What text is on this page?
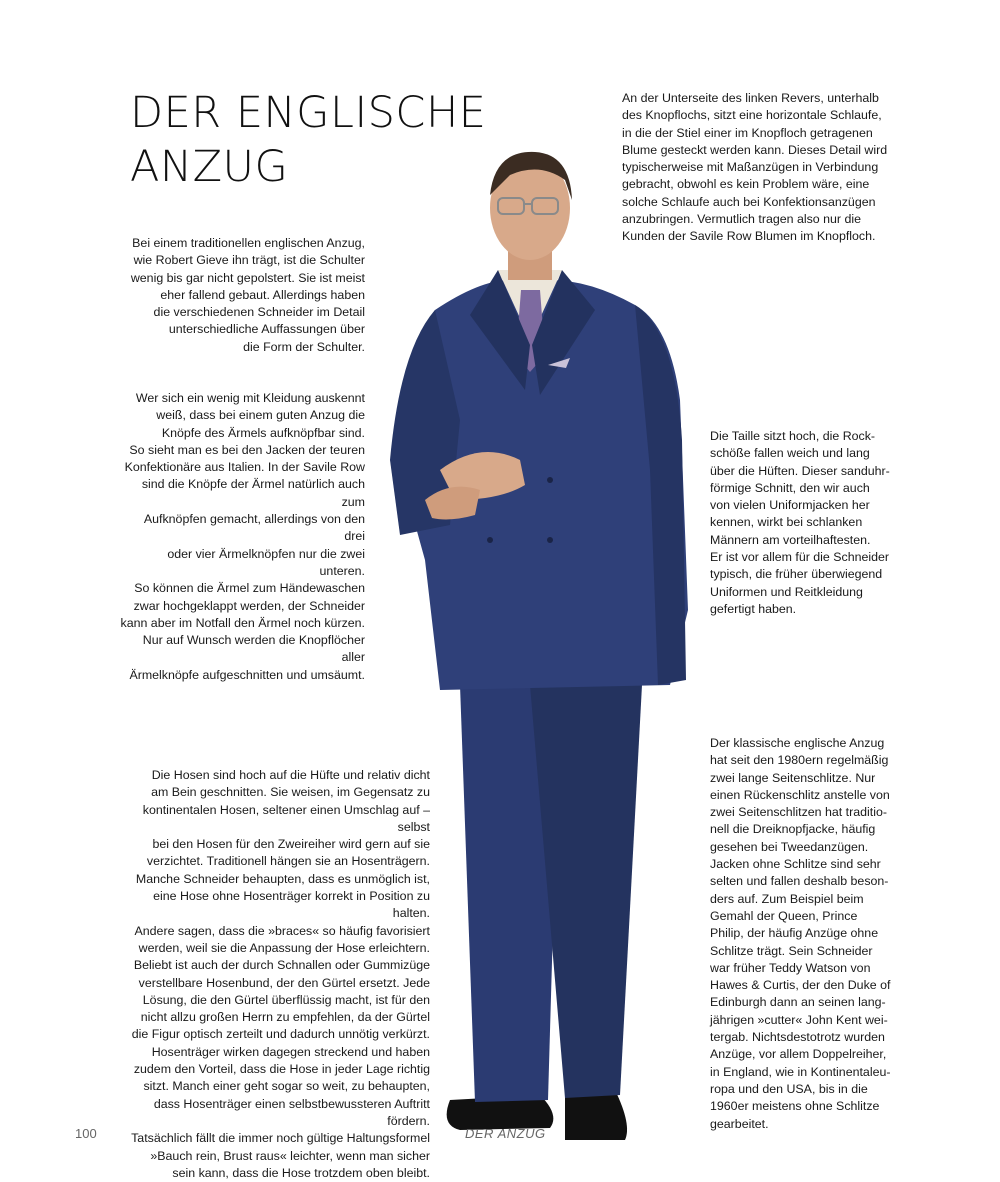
DER ENGLISCHE
ANZUG

Bei einem traditionellen englischen Anzug,
wie Robert Gieve ihn trägt, ist die Schulter
wenig bis gar nicht gepolstert. Sie ist meist
eher fallend gebaut. Allerdings haben
die verschiedenen Schneider im Detail
unterschiedliche Auffassungen über
die Form der Schulter.

Wer sich ein wenig mit Kleidung auskennt
weiß, dass bei einem guten Anzug die
Knöpfe des Ärmels aufknöpfbar sind.
So sieht man es bei den Jacken der teuren
Konfektionäre aus Italien. In der Savile Row
sind die Knöpfe der Ärmel natürlich auch zum
Aufknöpfen gemacht, allerdings von den drei
oder vier Ärmelknöpfen nur die zwei unteren.
So können die Ärmel zum Händewaschen
zwar hochgeklappt werden, der Schneider
kann aber im Notfall den Ärmel noch kürzen.
Nur auf Wunsch werden die Knopflöcher aller
Ärmelknöpfe aufgeschnitten und umsäumt.

Die Hosen sind hoch auf die Hüfte und relativ dicht
am Bein geschnitten. Sie weisen, im Gegensatz zu
kontinentalen Hosen, seltener einen Umschlag auf – selbst
bei den Hosen für den Zweireiher wird gern auf sie
verzichtet. Traditionell hängen sie an Hosenträgern.
Manche Schneider behaupten, dass es unmöglich ist,
eine Hose ohne Hosenträger korrekt in Position zu halten.
Andere sagen, dass die »braces« so häufig favorisiert
werden, weil sie die Anpassung der Hose erleichtern.
Beliebt ist auch der durch Schnallen oder Gummizüge
verstellbare Hosenbund, der den Gürtel ersetzt. Jede
Lösung, die den Gürtel überflüssig macht, ist für den
nicht allzu großen Herrn zu empfehlen, da der Gürtel
die Figur optisch zerteilt und dadurch unnötig verkürzt.
Hosenträger wirken dagegen streckend und haben
zudem den Vorteil, dass die Hose in jeder Lage richtig
sitzt. Manch einer geht sogar so weit, zu behaupten,
dass Hosenträger einen selbstbewussteren Auftritt fördern.
Tatsächlich fällt die immer noch gültige Haltungsformel
»Bauch rein, Brust raus« leichter, wenn man sicher
sein kann, dass die Hose trotzdem oben bleibt.

An der Unterseite des linken Revers, unterhalb
des Knopflochs, sitzt eine horizontale Schlaufe,
in die der Stiel einer im Knopfloch getragenen
Blume gesteckt werden kann. Dieses Detail wird
typischerweise mit Maßanzügen in Verbindung
gebracht, obwohl es kein Problem wäre, eine
solche Schlaufe auch bei Konfektionsanzügen
anzubringen. Vermutlich tragen also nur die
Kunden der Savile Row Blumen im Knopfloch.

Die Taille sitzt hoch, die Rock-
schöße fallen weich und lang
über die Hüften. Dieser sanduhr-
förmige Schnitt, den wir auch
von vielen Uniformjacken her
kennen, wirkt bei schlanken
Männern am vorteilhaftesten.
Er ist vor allem für die Schneider
typisch, die früher überwiegend
Uniformen und Reitkleidung
gefertigt haben.

Der klassische englische Anzug
hat seit den 1980ern regelmäßig
zwei lange Seitenschlitze. Nur
einen Rückenschlitz anstelle von
zwei Seitenschlitzen hat traditio-
nell die Dreiknopfjacke, häufig
gesehen bei Tweedanzügen.
Jacken ohne Schlitze sind sehr
selten und fallen deshalb beson-
ders auf. Zum Beispiel beim
Gemahl der Queen, Prince
Philip, der häufig Anzüge ohne
Schlitze trägt. Sein Schneider
war früher Teddy Watson von
Hawes & Curtis, der den Duke of
Edinburgh dann an seinen lang-
jährigen »cutter« John Kent wei-
tergab. Nichtsdestotrotz wurden
Anzüge, vor allem Doppelreiher,
in England, wie in Kontinentaleu-
ropa und den USA, bis in die
1960er meistens ohne Schlitze
gearbeitet.

100	DER ANZUG
